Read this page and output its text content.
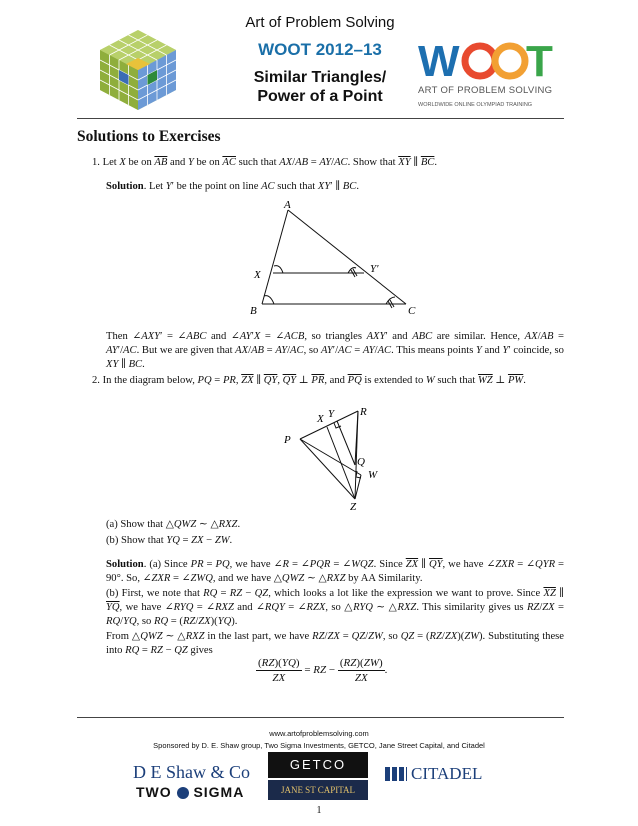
Art of Problem Solving
WOOT 2012–13
Similar Triangles/
Power of a Point
W T
ART OF PROBLEM SOLVING
WORLDWIDE ONLINE OLYMPIAD TRAINING
Solutions to Exercises
1. Let X be on $\overline{AB}$ and Y be on $\overline{AC}$ such that AX/AB = AY/AC. Show that $\overline{XY}$ ∥ $\overline{BC}$.
Solution. Let Y′ be the point on line AC such that XY′ ∥ BC.
A
X	Y′
B	C
Then ∠AXY′ = ∠ABC and ∠AY′X = ∠ACB, so triangles AXY′ and ABC are similar. Hence, AX/AB = AY′/AC. But we are given that AX/AB = AY/AC, so AY′/AC = AY/AC. This means points Y and Y′ coincide, so XY ∥ BC.
2. In the diagram below, PQ = PR, $\overline{ZX}$ ∥ $\overline{QY}$, $\overline{QY}$ ⊥ $\overline{PR}$, and $\overline{PQ}$ is extended to W such that $\overline{WZ}$ ⊥ $\overline{PW}$.
X Y R
P
Q
W
Z
(a) Show that △QWZ ∼ △RXZ.
(b) Show that YQ = ZX − ZW.
Solution. (a) Since PR = PQ, we have ∠R = ∠PQR = ∠WQZ. Since $\overline{ZX}$ ∥ $\overline{QY}$, we have ∠ZXR = ∠QYR = 90°. So, ∠ZXR = ∠ZWQ, and we have △QWZ ∼ △RXZ by AA Similarity.
(b) First, we note that RQ = RZ − QZ, which looks a lot like the expression we want to prove. Since $\overline{XZ}$ ∥ $\overline{YQ}$, we have ∠RYQ = ∠RXZ and ∠RQY = ∠RZX, so △RYQ ∼ △RXZ. This similarity gives us RZ/ZX = RQ/YQ, so RQ = (RZ/ZX)(YQ).
From △QWZ ∼ △RXZ in the last part, we have RZ/ZX = QZ/ZW, so QZ = (RZ/ZX)(ZW). Substituting these into RQ = RZ − QZ gives
$\frac{(RZ)(YQ)}{ZX}$ = RZ − $\frac{(RZ)(ZW)}{ZX}$ .
www.artofproblemsolving.com
Sponsored by D. E. Shaw group, Two Sigma Investments, GETCO, Jane Street Capital, and Citadel
D E Shaw & Co
TWO SIGMA
GETCO
JANE ST CAPITAL
CITADEL
1
